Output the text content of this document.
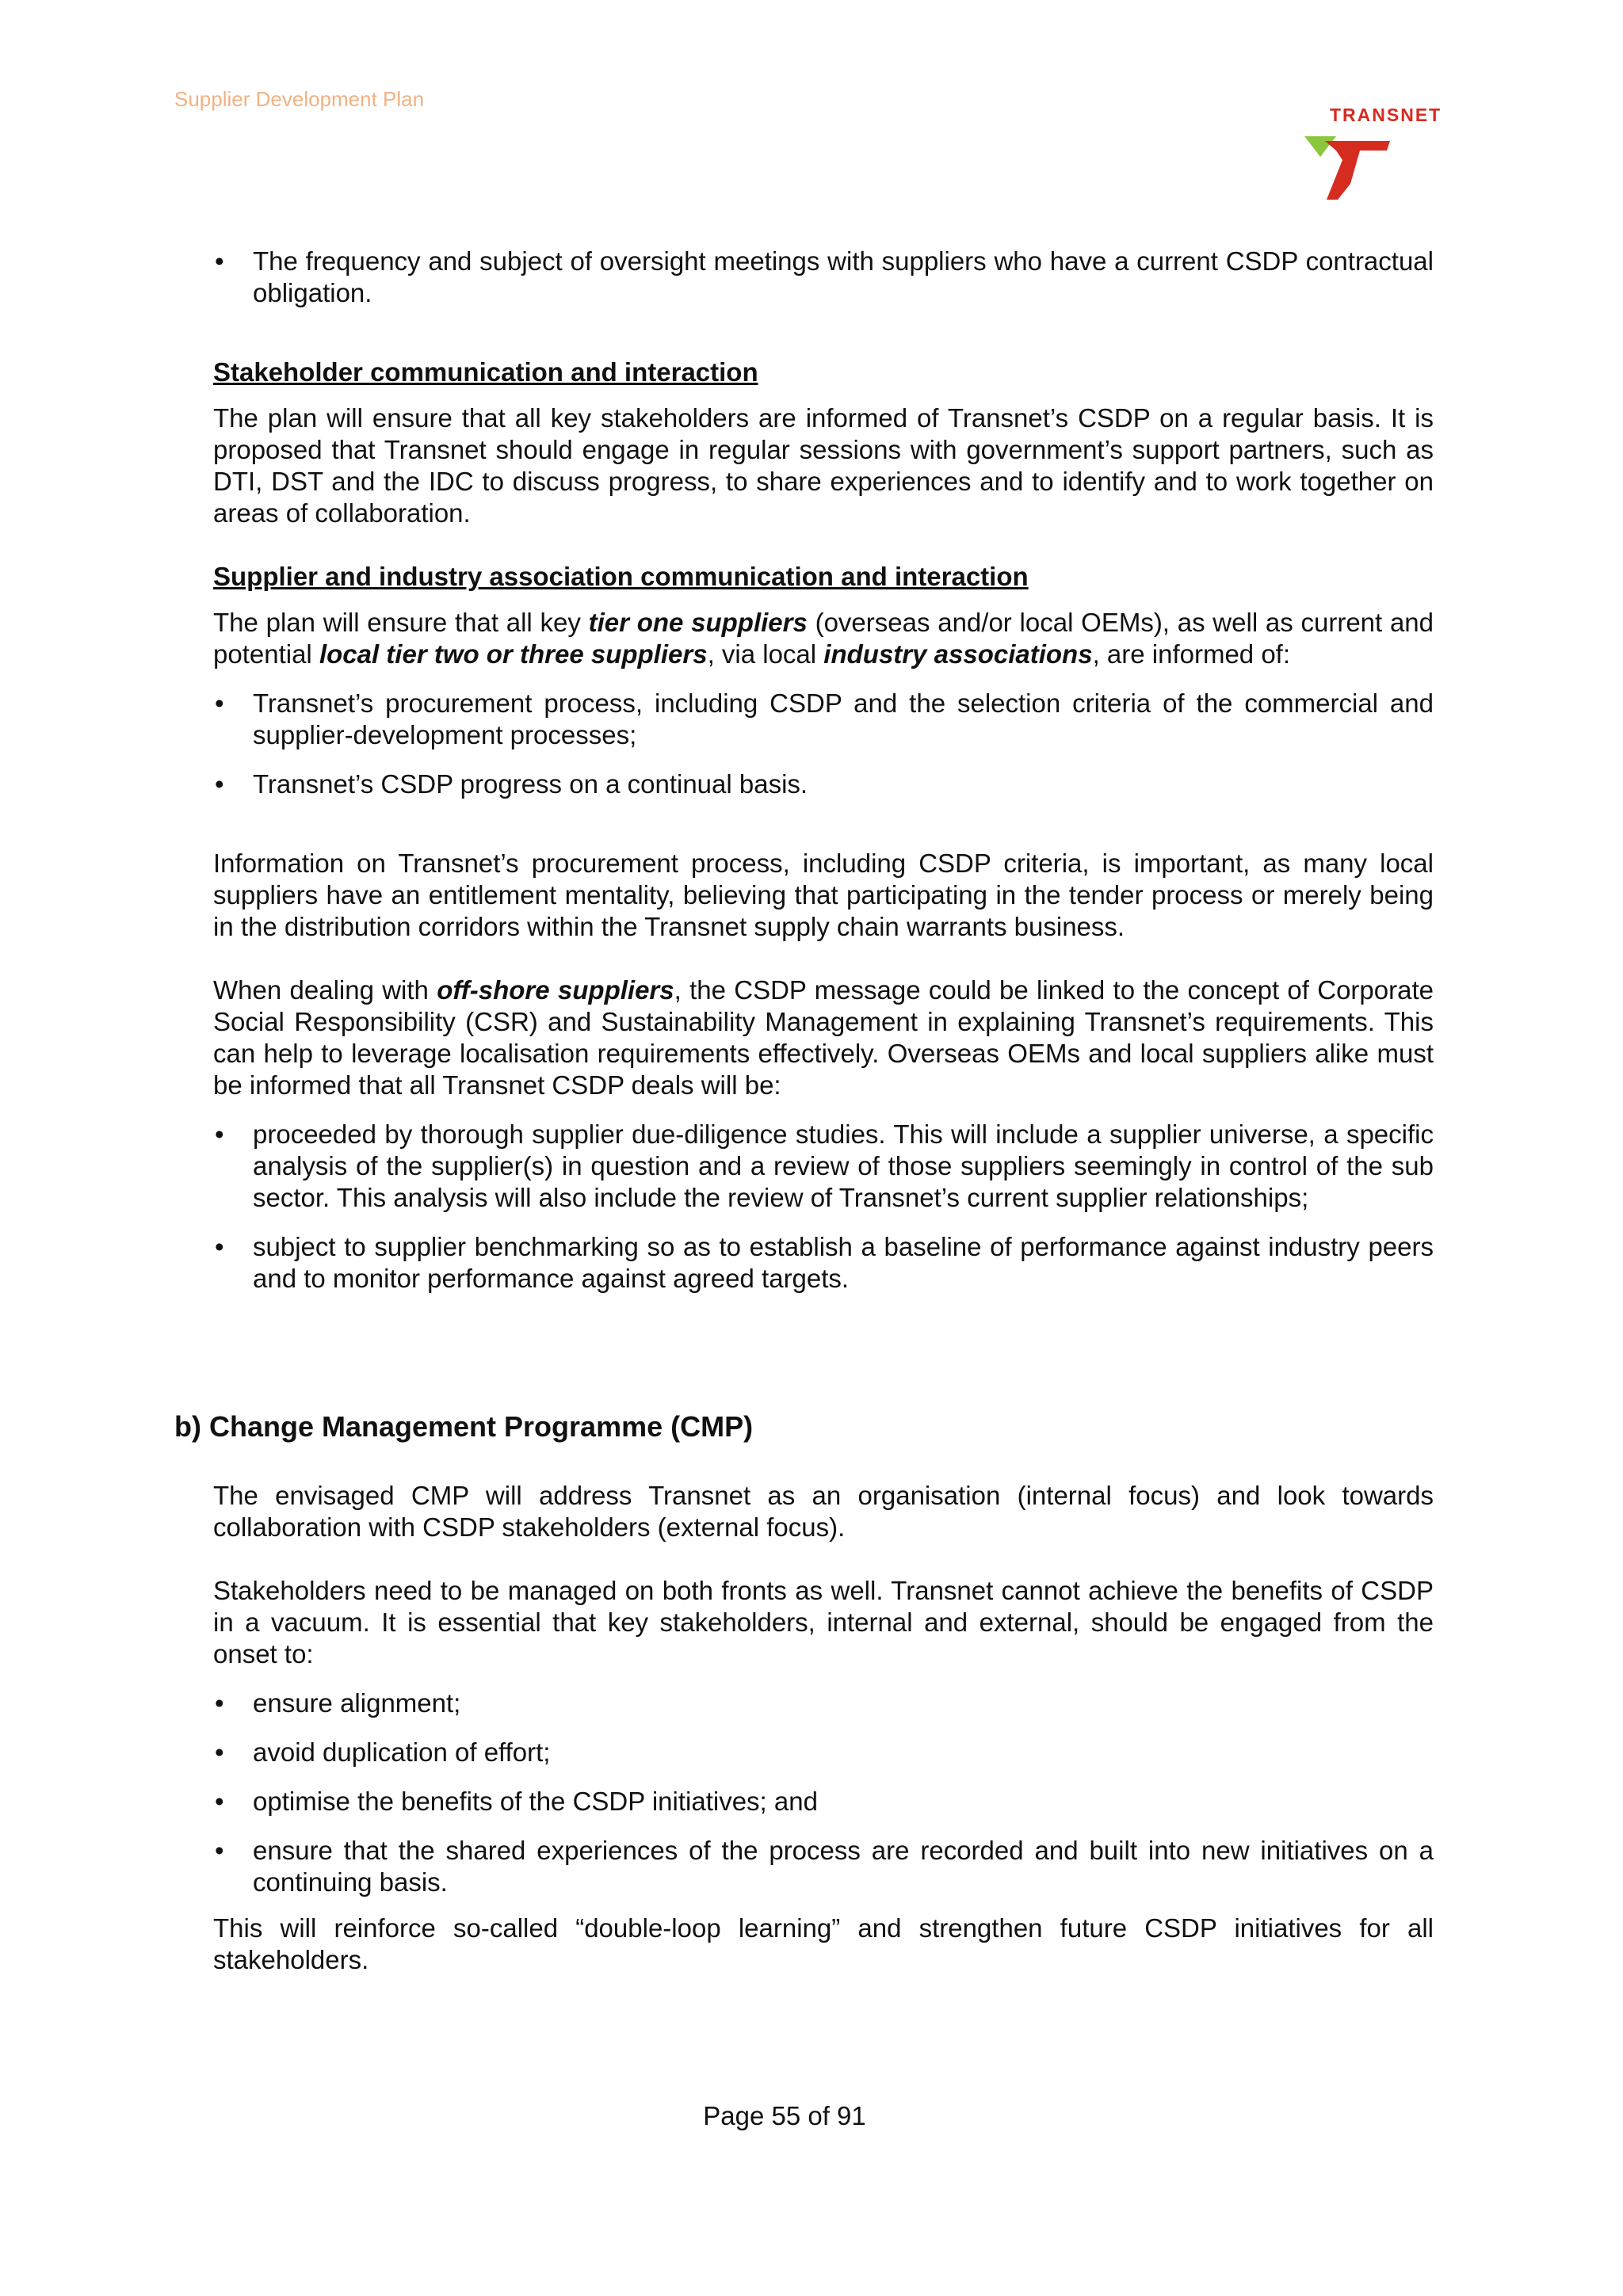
Supplier Development Plan
TRANSNET
• The frequency and subject of oversight meetings with suppliers who have a current CSDP contractual obligation.

Stakeholder communication and interaction

The plan will ensure that all key stakeholders are informed of Transnet’s CSDP on a regular basis. It is proposed that Transnet should engage in regular sessions with government’s support partners, such as DTI, DST and the IDC to discuss progress, to share experiences and to identify and to work together on areas of collaboration.

Supplier and industry association communication and interaction

The plan will ensure that all key tier one suppliers (overseas and/or local OEMs), as well as current and potential local tier two or three suppliers, via local industry associations, are informed of:

• Transnet’s procurement process, including CSDP and the selection criteria of the commercial and supplier-development processes;
• Transnet’s CSDP progress on a continual basis.

Information on Transnet’s procurement process, including CSDP criteria, is important, as many local suppliers have an entitlement mentality, believing that participating in the tender process or merely being in the distribution corridors within the Transnet supply chain warrants business.

When dealing with off-shore suppliers, the CSDP message could be linked to the concept of Corporate Social Responsibility (CSR) and Sustainability Management in explaining Transnet’s requirements. This can help to leverage localisation requirements effectively. Overseas OEMs and local suppliers alike must be informed that all Transnet CSDP deals will be:

• proceeded by thorough supplier due-diligence studies. This will include a supplier universe, a specific analysis of the supplier(s) in question and a review of those suppliers seemingly in control of the sub sector. This analysis will also include the review of Transnet’s current supplier relationships;
• subject to supplier benchmarking so as to establish a baseline of performance against industry peers and to monitor performance against agreed targets.
b) Change Management Programme (CMP)

The envisaged CMP will address Transnet as an organisation (internal focus) and look towards collaboration with CSDP stakeholders (external focus).

Stakeholders need to be managed on both fronts as well. Transnet cannot achieve the benefits of CSDP in a vacuum. It is essential that key stakeholders, internal and external, should be engaged from the onset to:

• ensure alignment;
• avoid duplication of effort;
• optimise the benefits of the CSDP initiatives; and
• ensure that the shared experiences of the process are recorded and built into new initiatives on a continuing basis.

This will reinforce so-called “double-loop learning” and strengthen future CSDP initiatives for all stakeholders.

Page 55 of 91
